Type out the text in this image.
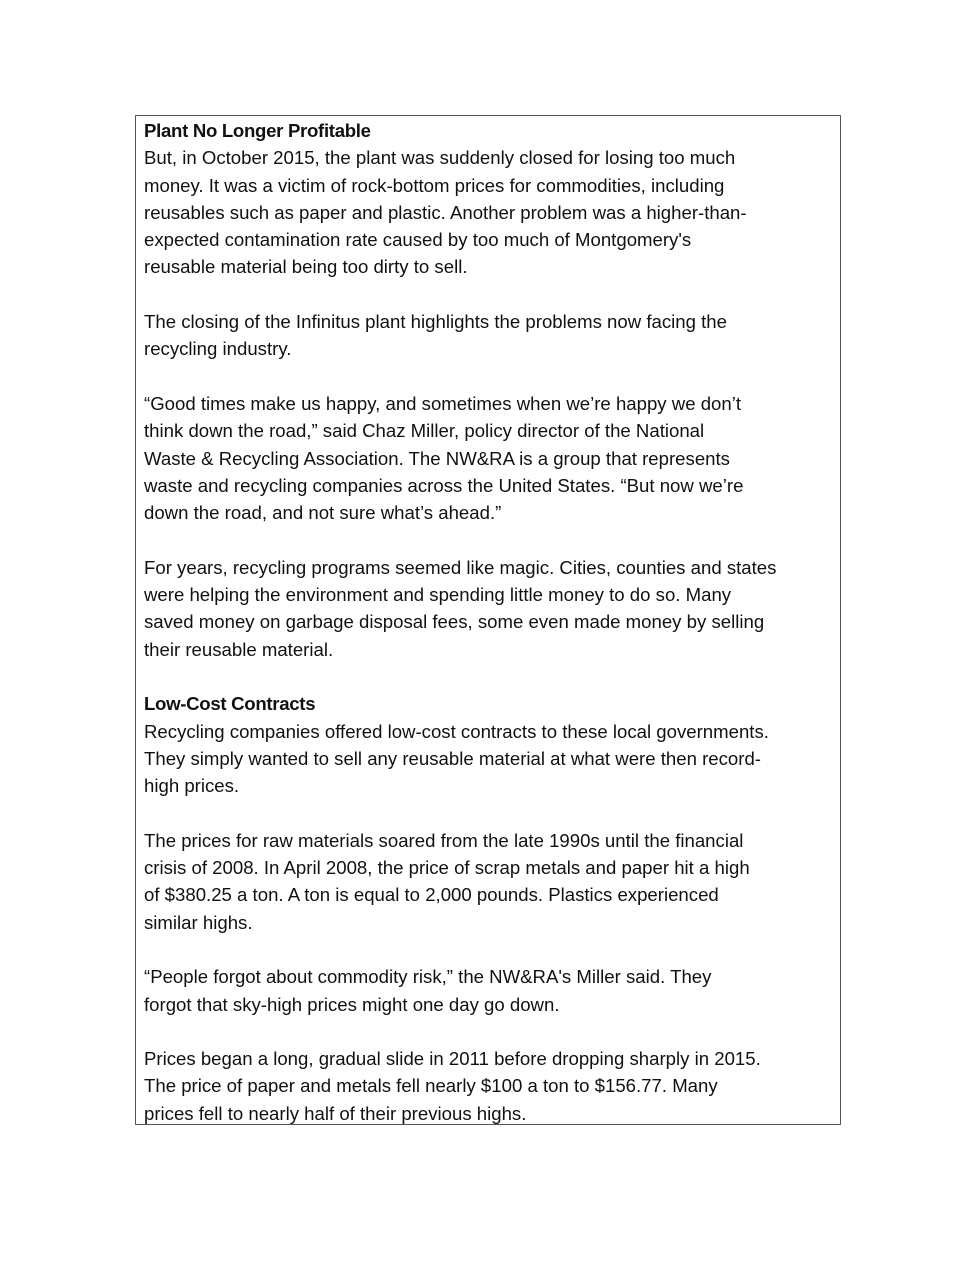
Plant No Longer Profitable
But, in October 2015, the plant was suddenly closed for losing too much
money. It was a victim of rock-bottom prices for commodities, including
reusables such as paper and plastic. Another problem was a higher-than-
expected contamination rate caused by too much of Montgomery's
reusable material being too dirty to sell.
The closing of the Infinitus plant highlights the problems now facing the
recycling industry.
“Good times make us happy, and sometimes when we’re happy we don’t
think down the road,” said Chaz Miller, policy director of the National
Waste & Recycling Association. The NW&RA is a group that represents
waste and recycling companies across the United States. “But now we’re
down the road, and not sure what’s ahead.”
For years, recycling programs seemed like magic. Cities, counties and states
were helping the environment and spending little money to do so. Many
saved money on garbage disposal fees, some even made money by selling
their reusable material.
Low-Cost Contracts
Recycling companies offered low-cost contracts to these local governments.
They simply wanted to sell any reusable material at what were then record-
high prices.
The prices for raw materials soared from the late 1990s until the financial
crisis of 2008. In April 2008, the price of scrap metals and paper hit a high
of $380.25 a ton. A ton is equal to 2,000 pounds. Plastics experienced
similar highs.
“People forgot about commodity risk,” the NW&RA's Miller said. They
forgot that sky-high prices might one day go down.
Prices began a long, gradual slide in 2011 before dropping sharply in 2015.
The price of paper and metals fell nearly $100 a ton to $156.77. Many
prices fell to nearly half of their previous highs.
